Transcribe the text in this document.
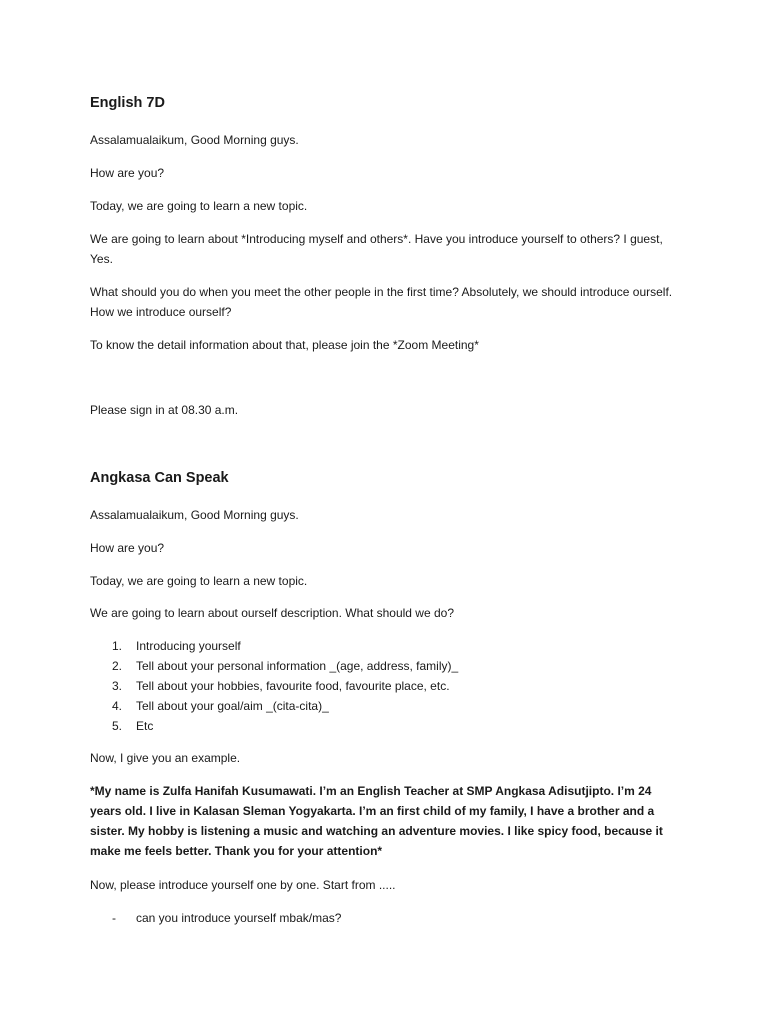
English 7D
Assalamualaikum, Good Morning guys.
How are you?
Today, we are going to learn a new topic.
We are going to learn about *Introducing myself and others*. Have you introduce yourself to others? I guest, Yes.
What should you do when you meet the other people in the first time? Absolutely, we should introduce ourself. How we introduce ourself?
To know the detail information about that, please join the *Zoom Meeting*
Please sign in at 08.30 a.m.
Angkasa Can Speak
Assalamualaikum, Good Morning guys.
How are you?
Today, we are going to learn a new topic.
We are going to learn about ourself description. What should we do?
1. Introducing yourself
2. Tell about your personal information _(age, address, family)_
3. Tell about your hobbies, favourite food, favourite place, etc.
4. Tell about your goal/aim _(cita-cita)_
5. Etc
Now, I give you an example.
*My name is Zulfa Hanifah Kusumawati. I’m an English Teacher at SMP Angkasa Adisutjipto. I’m 24 years old. I live in Kalasan Sleman Yogyakarta. I’m an first child of my family, I have a brother and a sister. My hobby is listening a music and watching an adventure movies. I like spicy food, because it make me feels better. Thank you for your attention*
Now, please introduce yourself one by one. Start from .....
- can you introduce yourself mbak/mas?
